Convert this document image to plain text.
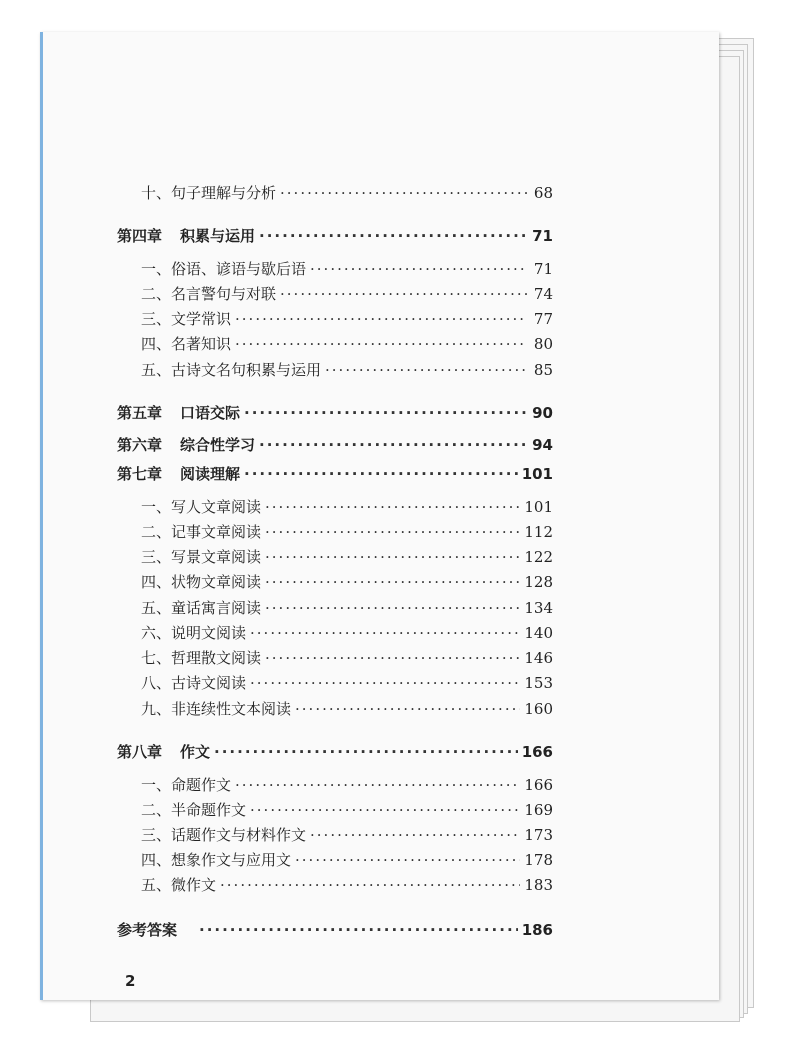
十、句子理解与分析 ·····	68
第四章 积累与运用 ·····	71
一、俗语、谚语与歇后语 ·····	71
二、名言警句与对联 ·····	74
三、文学常识 ·····	77
四、名著知识 ·····	80
五、古诗文名句积累与运用 ·····	85
第五章 口语交际 ·····	90
第六章 综合性学习 ·····	94
第七章 阅读理解 ·····	101
一、写人文章阅读 ·····	101
二、记事文章阅读 ·····	112
三、写景文章阅读 ·····	122
四、状物文章阅读 ·····	128
五、童话寓言阅读 ·····	134
六、说明文阅读 ·····	140
七、哲理散文阅读 ·····	146
八、古诗文阅读 ·····	153
九、非连续性文本阅读 ·····	160
第八章 作文 ·····	166
一、命题作文 ·····	166
二、半命题作文 ·····	169
三、话题作文与材料作文 ·····	173
四、想象作文与应用文 ·····	178
五、微作文 ·····	183
参考答案 ·····	186
2
